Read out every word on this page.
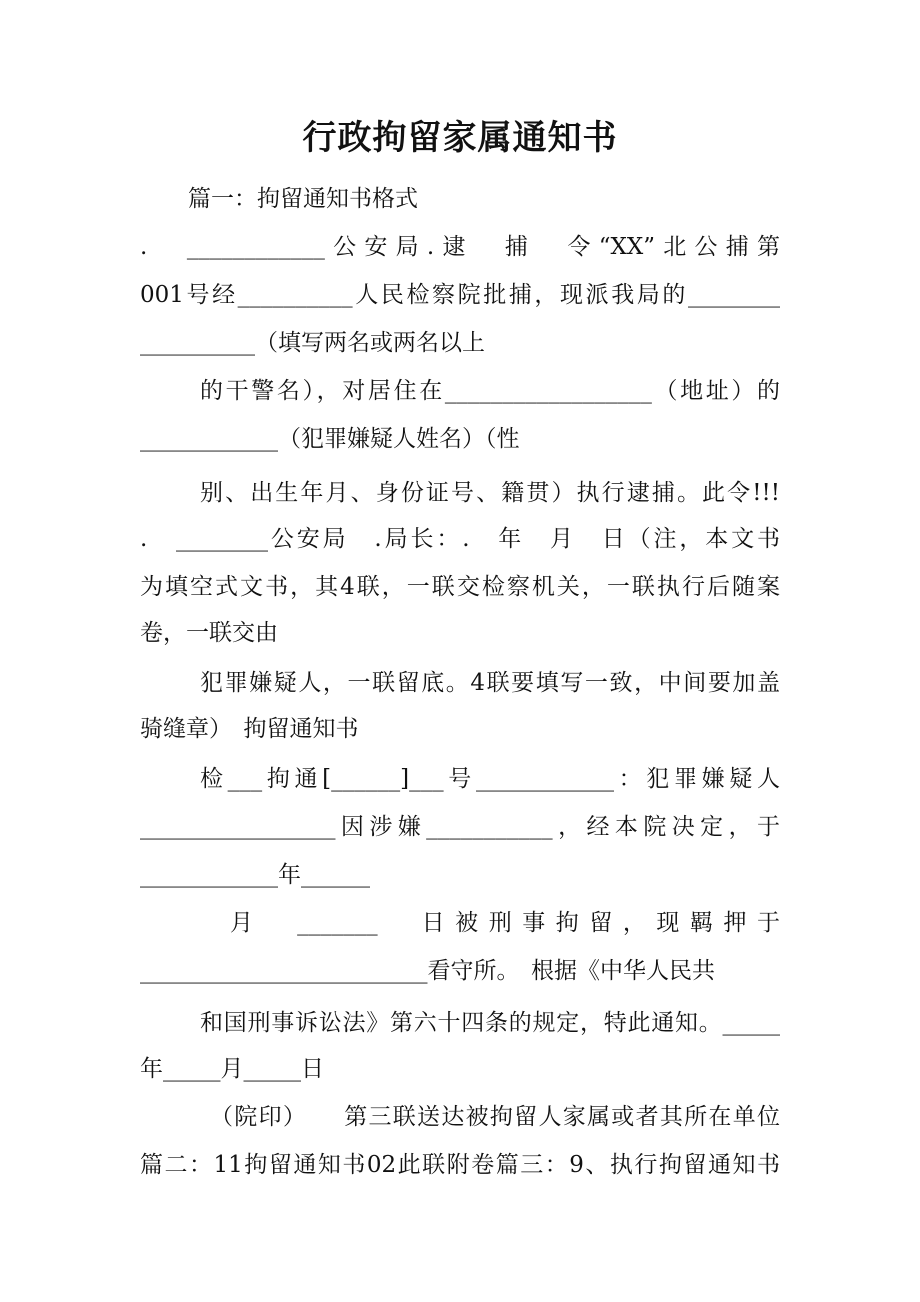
行政拘留家属通知书
篇一：拘留通知书格式
.　____________公安局.逮　捕　令“XX”北公捕第
001号经__________人民检察院批捕，现派我局的________
__________（填写两名或两名以上
的干警名），对居住在__________________（地址）的
____________（犯罪嫌疑人姓名）（性
别、出生年月、身份证号、籍贯）执行逮捕。此令!!!
.　________公安局　.局长：.　年　月　日（注，本文书
为填空式文书，其4联，一联交检察机关，一联执行后随案
卷，一联交由
犯罪嫌疑人，一联留底。4联要填写一致，中间要加盖
骑缝章）　拘留通知书
检___拘通[______]___号____________：犯罪嫌疑人
_________________因涉嫌___________，经本院决定，于
____________年______
月　_______　日被刑事拘留，现羁押于
_________________________看守所。　根据《中华人民共
和国刑事诉讼法》第六十四条的规定，特此通知。_____
年_____月_____日
（院印）　　第三联送达被拘留人家属或者其所在单位
篇二：11拘留通知书02此联附卷篇三：9、执行拘留通知书
